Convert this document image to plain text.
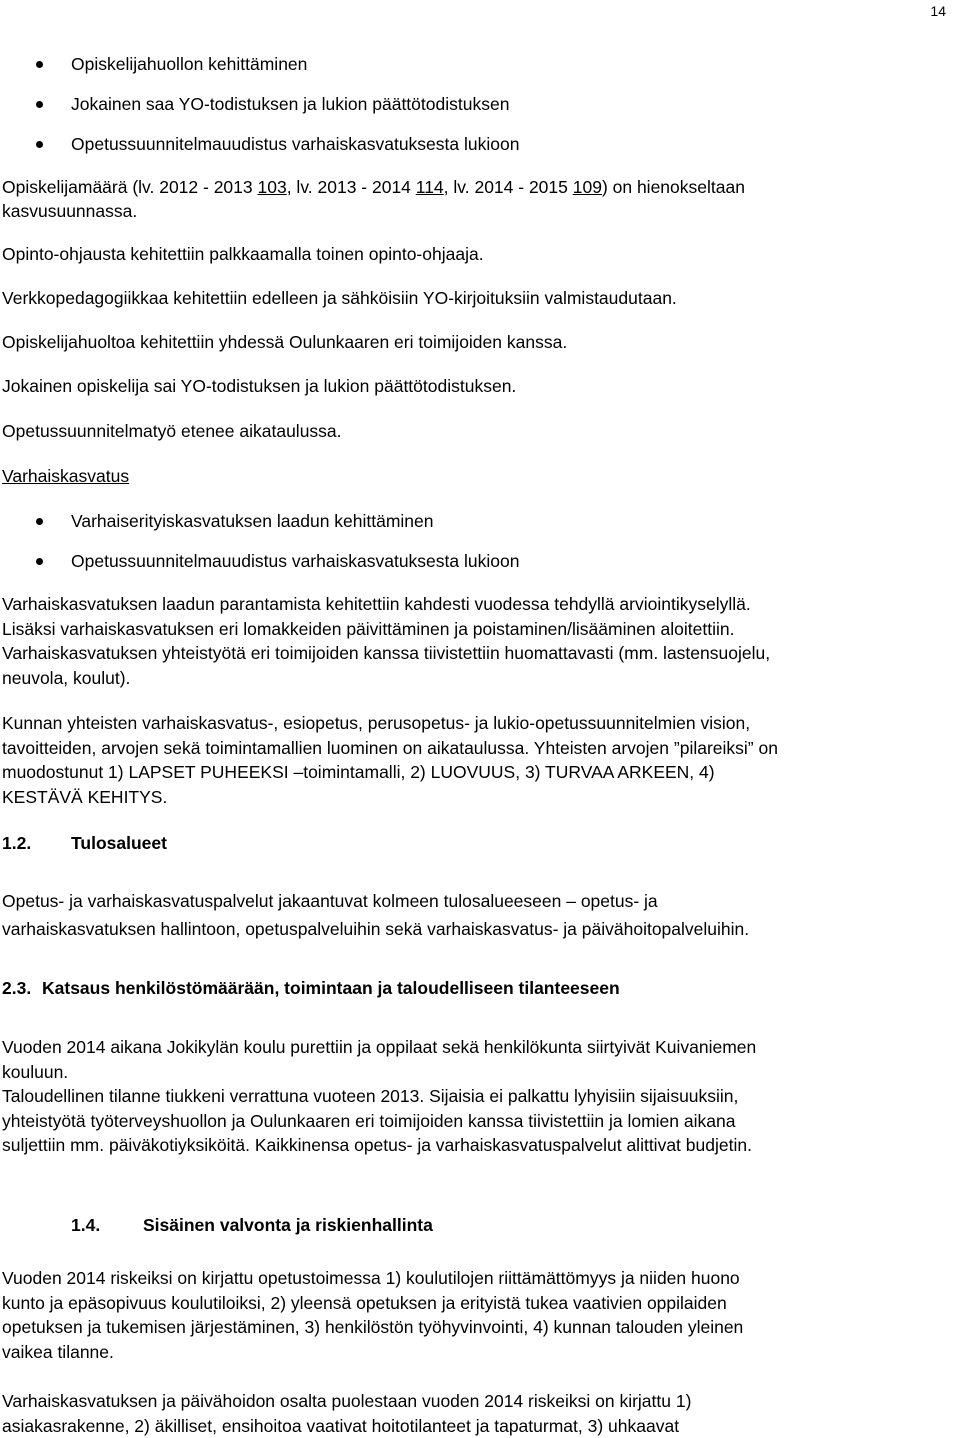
14
Opiskelijahuollon kehittäminen
Jokainen saa YO-todistuksen ja lukion päättötodistuksen
Opetussuunnitelmauudistus varhaiskasvatuksesta lukioon
Opiskelijamäärä (lv. 2012 - 2013 103, lv. 2013 - 2014 114, lv. 2014 - 2015 109) on hienokseltaan
kasvusuunnassa.
Opinto-ohjausta kehitettiin palkkaamalla toinen opinto-ohjaaja.
Verkkopedagogiikkaa kehitettiin edelleen ja sähköisiin YO-kirjoituksiin valmistaudutaan.
Opiskelijahuoltoa kehitettiin yhdessä Oulunkaaren eri toimijoiden kanssa.
Jokainen opiskelija sai YO-todistuksen ja lukion päättötodistuksen.
Opetussuunnitelmatyö etenee aikataulussa.
Varhaiskasvatus
Varhaiserityiskasvatuksen laadun kehittäminen
Opetussuunnitelmauudistus varhaiskasvatuksesta lukioon
Varhaiskasvatuksen laadun parantamista kehitettiin kahdesti vuodessa tehdyllä arviointikyselyllä.
Lisäksi varhaiskasvatuksen eri lomakkeiden päivittäminen ja poistaminen/lisääminen aloitettiin.
Varhaiskasvatuksen yhteistyötä eri toimijoiden kanssa tiivistettiin huomattavasti (mm. lastensuojelu,
neuvola, koulut).
Kunnan yhteisten varhaiskasvatus-, esiopetus, perusopetus- ja lukio-opetussuunnitelmien vision,
tavoitteiden, arvojen sekä toimintamallien luominen on aikataulussa. Yhteisten arvojen ”pilareiksi” on
muodostunut 1) LAPSET PUHEEKSI –toimintamalli, 2) LUOVUUS, 3) TURVAA ARKEEN, 4)
KESTÄVÄ KEHITYS.
1.2. Tulosalueet
Opetus- ja varhaiskasvatuspalvelut jakaantuvat kolmeen tulosalueeseen – opetus- ja
varhaiskasvatuksen hallintoon, opetuspalveluihin sekä varhaiskasvatus- ja päivähoitopalveluihin.
2.3. Katsaus henkilöstömäärään, toimintaan ja taloudelliseen tilanteeseen
Vuoden 2014 aikana Jokikylän koulu purettiin ja oppilaat sekä henkilökunta siirtyivät Kuivaniemen
kouluun.
Taloudellinen tilanne tiukkeni verrattuna vuoteen 2013. Sijaisia ei palkattu lyhyisiin sijaisuuksiin,
yhteistyötä työterveyshuollon ja Oulunkaaren eri toimijoiden kanssa tiivistettiin ja lomien aikana
suljettiin mm. päiväkotiyksiköitä. Kaikkinensa opetus- ja varhaiskasvatuspalvelut alittivat budjetin.
1.4. Sisäinen valvonta ja riskienhallinta
Vuoden 2014 riskeiksi on kirjattu opetustoimessa 1) koulutilojen riittämättömyys ja niiden huono
kunto ja epäsopivuus koulutiloiksi, 2) yleensä opetuksen ja erityistä tukea vaativien oppilaiden
opetuksen ja tukemisen järjestäminen, 3) henkilöstön työhyvinvointi, 4) kunnan talouden yleinen
vaikea tilanne.
Varhaiskasvatuksen ja päivähoidon osalta puolestaan vuoden 2014 riskeiksi on kirjattu 1)
asiakasrakenne, 2) äkilliset, ensihoitoa vaativat hoitotilanteet ja tapaturmat, 3) uhkaavat
